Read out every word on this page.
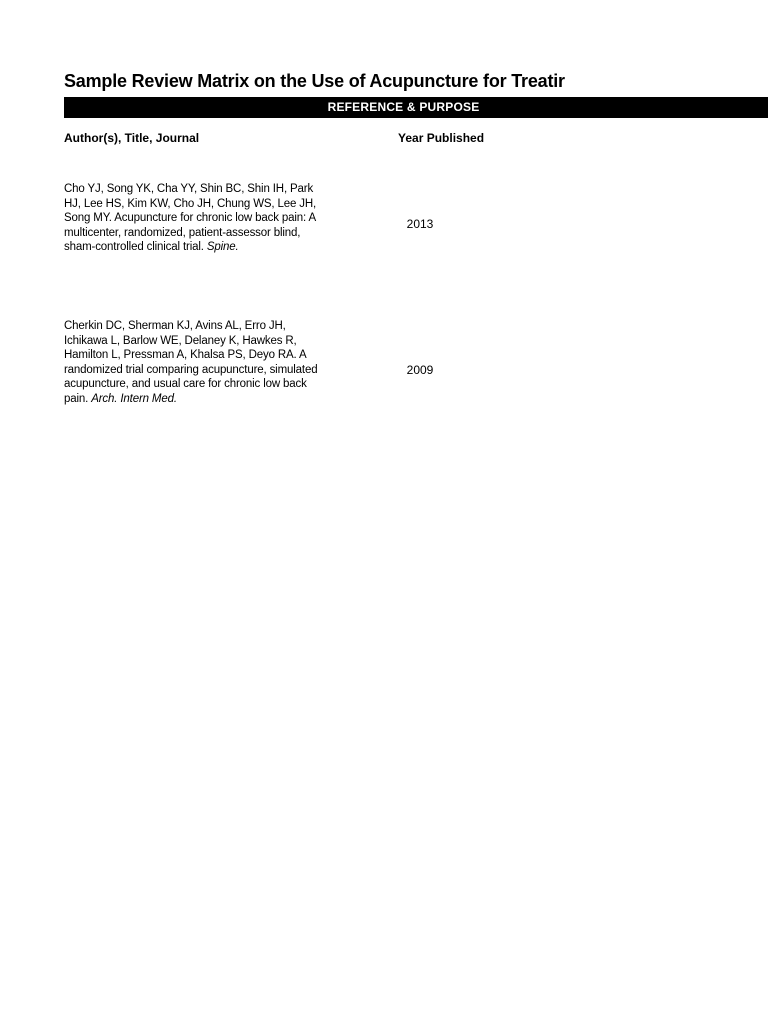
Sample Review Matrix on the Use of Acupuncture for Treatir
REFERENCE & PURPOSE
Author(s), Title, Journal	Year Published
Cho YJ, Song YK, Cha YY, Shin BC, Shin IH, Park HJ, Lee HS, Kim KW, Cho JH, Chung WS, Lee JH, Song MY. Acupuncture for chronic low back pain: A multicenter, randomized, patient-assessor blind, sham-controlled clinical trial. Spine.
2013
Cherkin DC, Sherman KJ, Avins AL, Erro JH, Ichikawa L, Barlow WE, Delaney K, Hawkes R, Hamilton L, Pressman A, Khalsa PS, Deyo RA. A randomized trial comparing acupuncture, simulated acupuncture, and usual care for chronic low back pain. Arch. Intern Med.
2009
